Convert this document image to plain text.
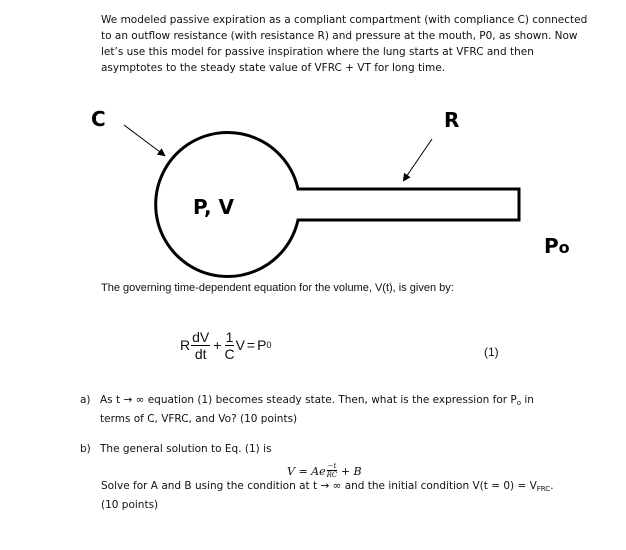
We modeled passive expiration as a compliant compartment (with compliance C) connected to an outflow resistance (with resistance R) and pressure at the mouth, P0, as shown. Now let’s use this model for passive inspiration where the lung starts at VFRC and then asymptotes to the steady state value of VFRC + VT for long time.

C	R
P, V
Po

The governing time-dependent equation for the volume, V(t), is given by:

R $\frac{dV}{dt} + \frac{1}{C}$ V = P 0	(1)
a) As t → ∞ equation (1) becomes steady state. Then, what is the expression for Po in
terms of C, VFRC, and Vo? (10 points)
b) The general solution to Eq. (1) is
V = Ae $\frac{-t}{RC} + B$
Solve for A and B using the condition at t → ∞ and the initial condition V(t = 0) = VFRC.
(10 points)
